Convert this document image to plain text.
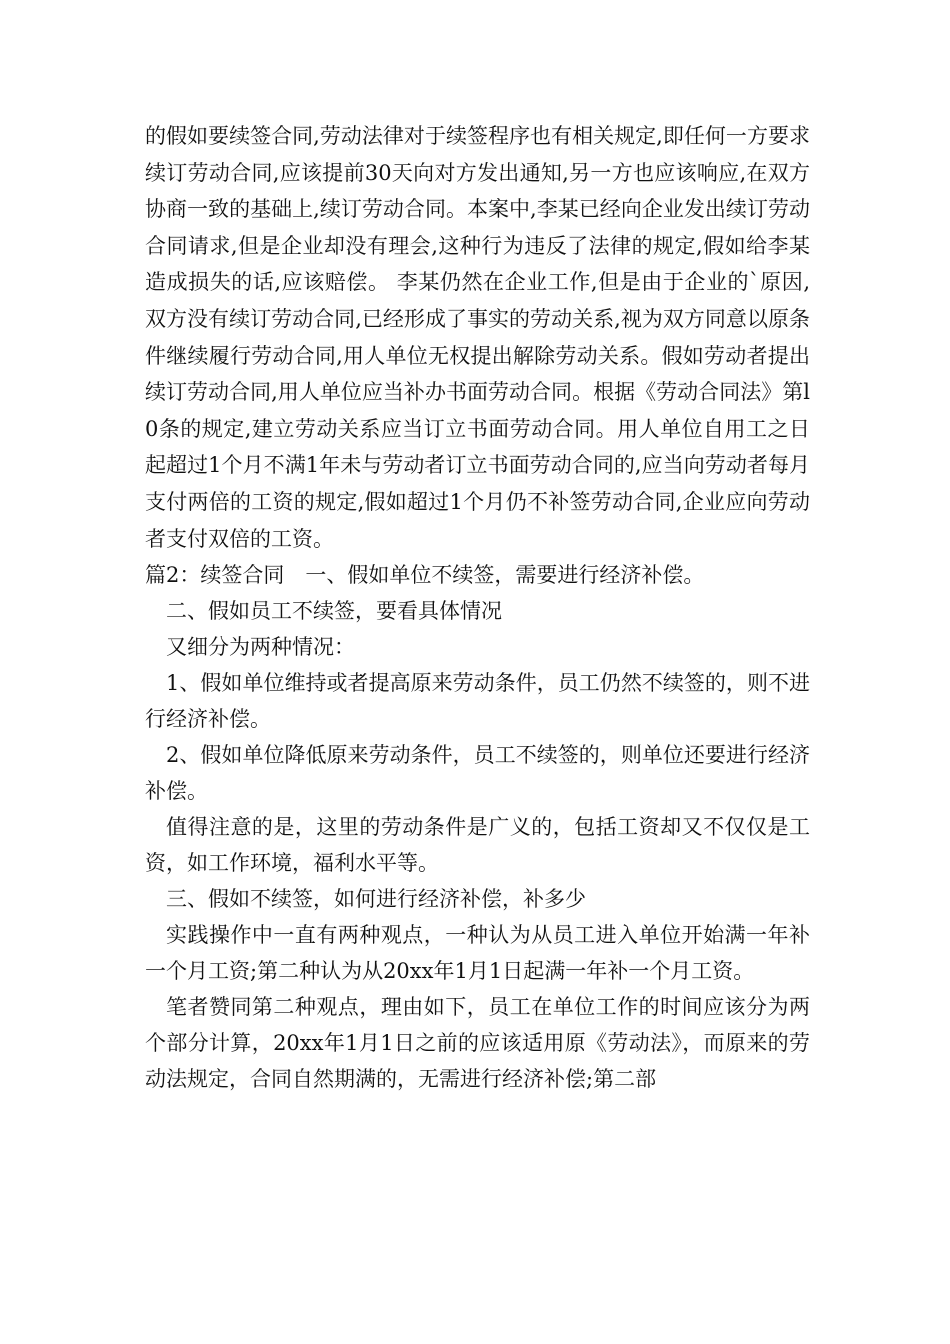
的假如要续签合同,劳动法律对于续签程序也有相关规定,即任何一方要求续订劳动合同,应该提前30天向对方发出通知,另一方也应该响应,在双方协商一致的基础上,续订劳动合同。本案中,李某已经向企业发出续订劳动合同请求,但是企业却没有理会,这种行为违反了法律的规定,假如给李某造成损失的话,应该赔偿。 李某仍然在企业工作,但是由于企业的`原因,双方没有续订劳动合同,已经形成了事实的劳动关系,视为双方同意以原条件继续履行劳动合同,用人单位无权提出解除劳动关系。假如劳动者提出续订劳动合同,用人单位应当补办书面劳动合同。根据《劳动合同法》第l0条的规定,建立劳动关系应当订立书面劳动合同。用人单位自用工之日起超过1个月不满1年未与劳动者订立书面劳动合同的,应当向劳动者每月支付两倍的工资的规定,假如超过1个月仍不补签劳动合同,企业应向劳动者支付双倍的工资。

篇2：续签合同　一、假如单位不续签，需要进行经济补偿。

二、假如员工不续签，要看具体情况

又细分为两种情况：

1、假如单位维持或者提高原来劳动条件，员工仍然不续签的，则不进行经济补偿。

2、假如单位降低原来劳动条件，员工不续签的，则单位还要进行经济补偿。

值得注意的是，这里的劳动条件是广义的，包括工资却又不仅仅是工资，如工作环境，福利水平等。

三、假如不续签，如何进行经济补偿，补多少

实践操作中一直有两种观点，一种认为从员工进入单位开始满一年补一个月工资;第二种认为从20xx年1月1日起满一年补一个月工资。

笔者赞同第二种观点，理由如下，员工在单位工作的时间应该分为两个部分计算，20xx年1月1日之前的应该适用原《劳动法》，而原来的劳动法规定，合同自然期满的，无需进行经济补偿;第二部
